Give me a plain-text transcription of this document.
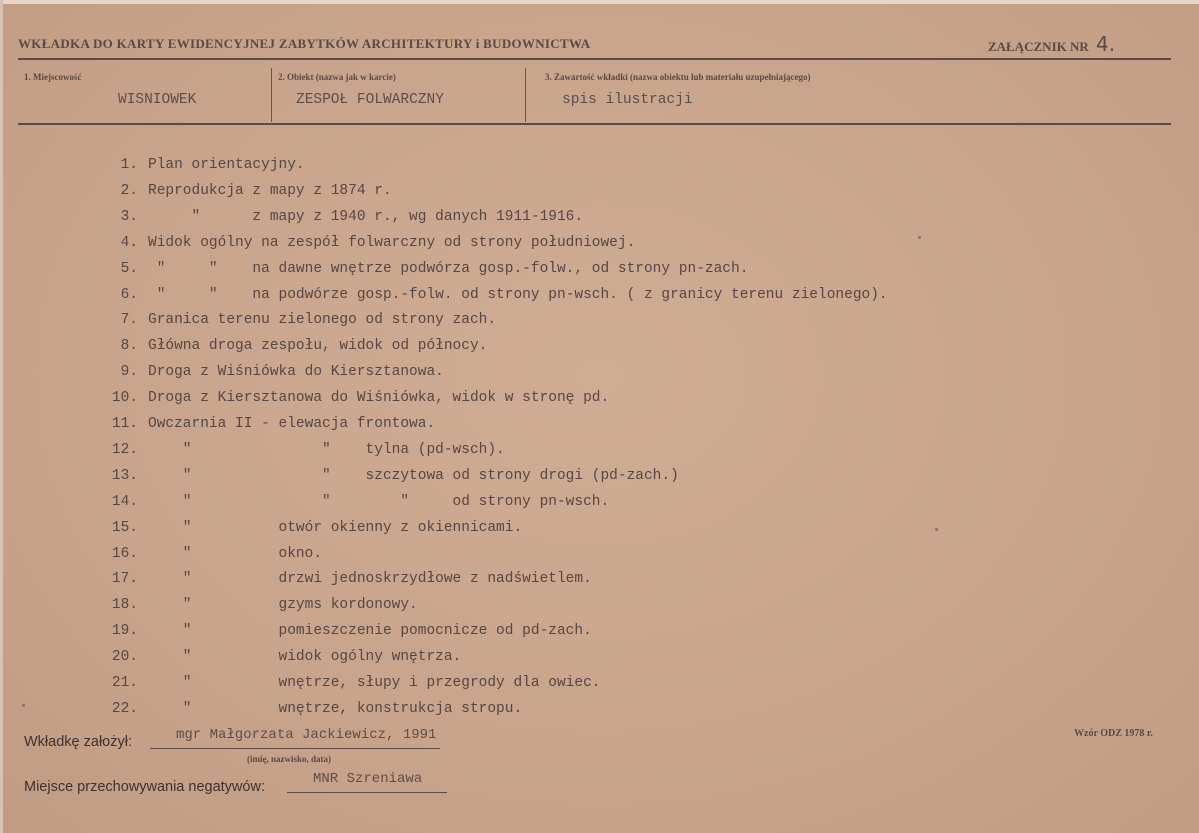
WKŁADKA DO KARTY EWIDENCYJNEJ ZABYTKÓW ARCHITEKTURY i BUDOWNICTWA	ZAŁĄCZNIK NR 4.
1. Miejscowość
WISNIOWEK
2. Obiekt (nazwa jak w karcie)
ZESPOŁ FOLWARCZNY
3. Zawartość wkładki (nazwa obiektu lub materiału uzupełniającego)
spis ilustracji
1. Plan orientacyjny.
2. Reprodukcja z mapy z 1874 r.
3. "      z mapy z 1940 r., wg danych 1911-1916.
4. Widok ogólny na zespół folwarczny od strony południowej.
5. "     "    na dawne wnętrze podwórza gosp.-folw., od strony pn-zach.
6. "     "    na podwórze gosp.-folw. od strony pn-wsch. ( z granicy terenu zielonego).
7. Granica terenu zielonego od strony zach.
8. Główna droga zespołu, widok od północy.
9. Droga z Wiśniówka do Kiersztanowa.
10. Droga z Kiersztanowa do Wiśniówka, widok w stronę pd.
11. Owczarnia II - elewacja frontowa.
12. "               "    tylna (pd-wsch).
13. "               "    szczytowa od strony drogi (pd-zach.)
14. "               "        "     od strony pn-wsch.
15. "          otwór okienny z okiennicami.
16. "          okno.
17. "          drzwi jednoskrzydłowe z nadświetlem.
18. "          gzyms kordonowy.
19. "          pomieszczenie pomocnicze od pd-zach.
20. "          widok ogólny wnętrza.
21. "          wnętrze, słupy i przegrody dla owiec.
22. "          wnętrze, konstrukcja stropu.
Wkładkę założył:	mgr Małgorzata Jackiewicz, 1991
(imię, nazwisko, data)
Wzór ODZ 1978 r.
Miejsce przechowywania negatywów:	MNR Szreniawa
